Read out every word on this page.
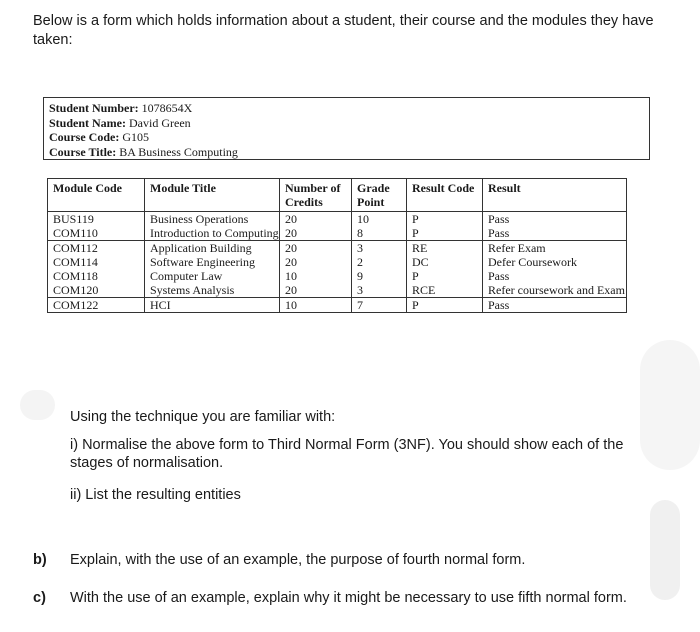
Below is a form which holds information about a student, their course and the modules they have taken:
Student Number: 1078654X
Student Name: David Green
Course Code: G105
Course Title: BA Business Computing
Module Code	Module Title	Number of Credits	Grade Point	Result Code	Result
BUS119	Business Operations	20	10	P	Pass
COM110	Introduction to Computing	20	8	P	Pass
COM112	Application Building	20	3	RE	Refer Exam
COM114	Software Engineering	20	2	DC	Defer Coursework
COM118	Computer Law	10	9	P	Pass
COM120	Systems Analysis	20	3	RCE	Refer coursework and Exam
COM122	HCI	10	7	P	Pass

Using the technique you are familiar with:

i) Normalise the above form to Third Normal Form (3NF). You should show each of the stages of normalisation.

ii) List the resulting entities

b) Explain, with the use of an example, the purpose of fourth normal form.
c) With the use of an example, explain why it might be necessary to use fifth normal form.
